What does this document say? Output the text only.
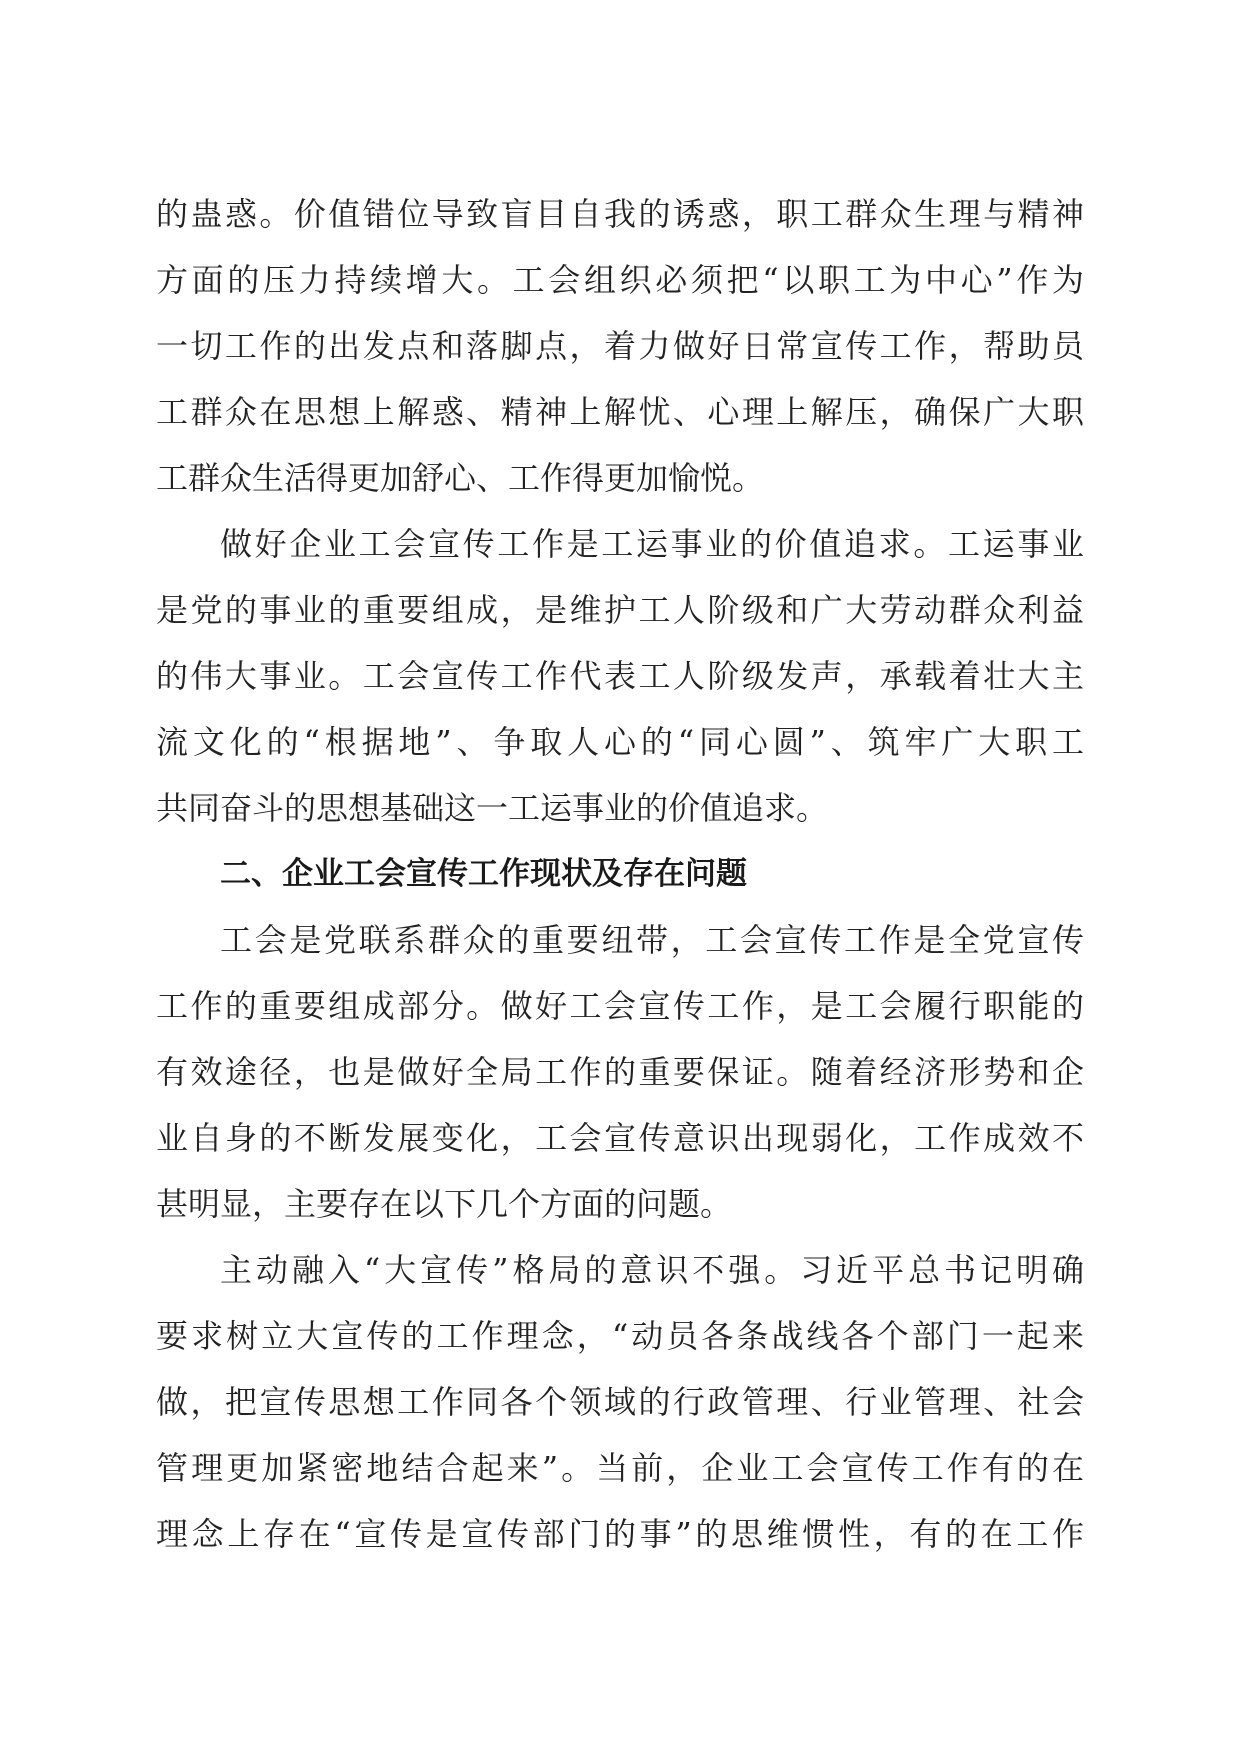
的蛊惑。价值错位导致盲目自我的诱惑，职工群众生理与精神
方面的压力持续增大。工会组织必须把“以职工为中心”作为
一切工作的出发点和落脚点，着力做好日常宣传工作，帮助员
工群众在思想上解惑、精神上解忧、心理上解压，确保广大职
工群众生活得更加舒心、工作得更加愉悦。
做好企业工会宣传工作是工运事业的价值追求。工运事业
是党的事业的重要组成，是维护工人阶级和广大劳动群众利益
的伟大事业。工会宣传工作代表工人阶级发声，承载着壮大主
流文化的“根据地”、争取人心的“同心圆”、筑牢广大职工
共同奋斗的思想基础这一工运事业的价值追求。
二、企业工会宣传工作现状及存在问题
工会是党联系群众的重要纽带，工会宣传工作是全党宣传
工作的重要组成部分。做好工会宣传工作，是工会履行职能的
有效途径，也是做好全局工作的重要保证。随着经济形势和企
业自身的不断发展变化，工会宣传意识出现弱化，工作成效不
甚明显，主要存在以下几个方面的问题。
主动融入“大宣传”格局的意识不强。习近平总书记明确
要求树立大宣传的工作理念，“动员各条战线各个部门一起来
做，把宣传思想工作同各个领域的行政管理、行业管理、社会
管理更加紧密地结合起来”。当前，企业工会宣传工作有的在
理念上存在“宣传是宣传部门的事”的思维惯性，有的在工作
